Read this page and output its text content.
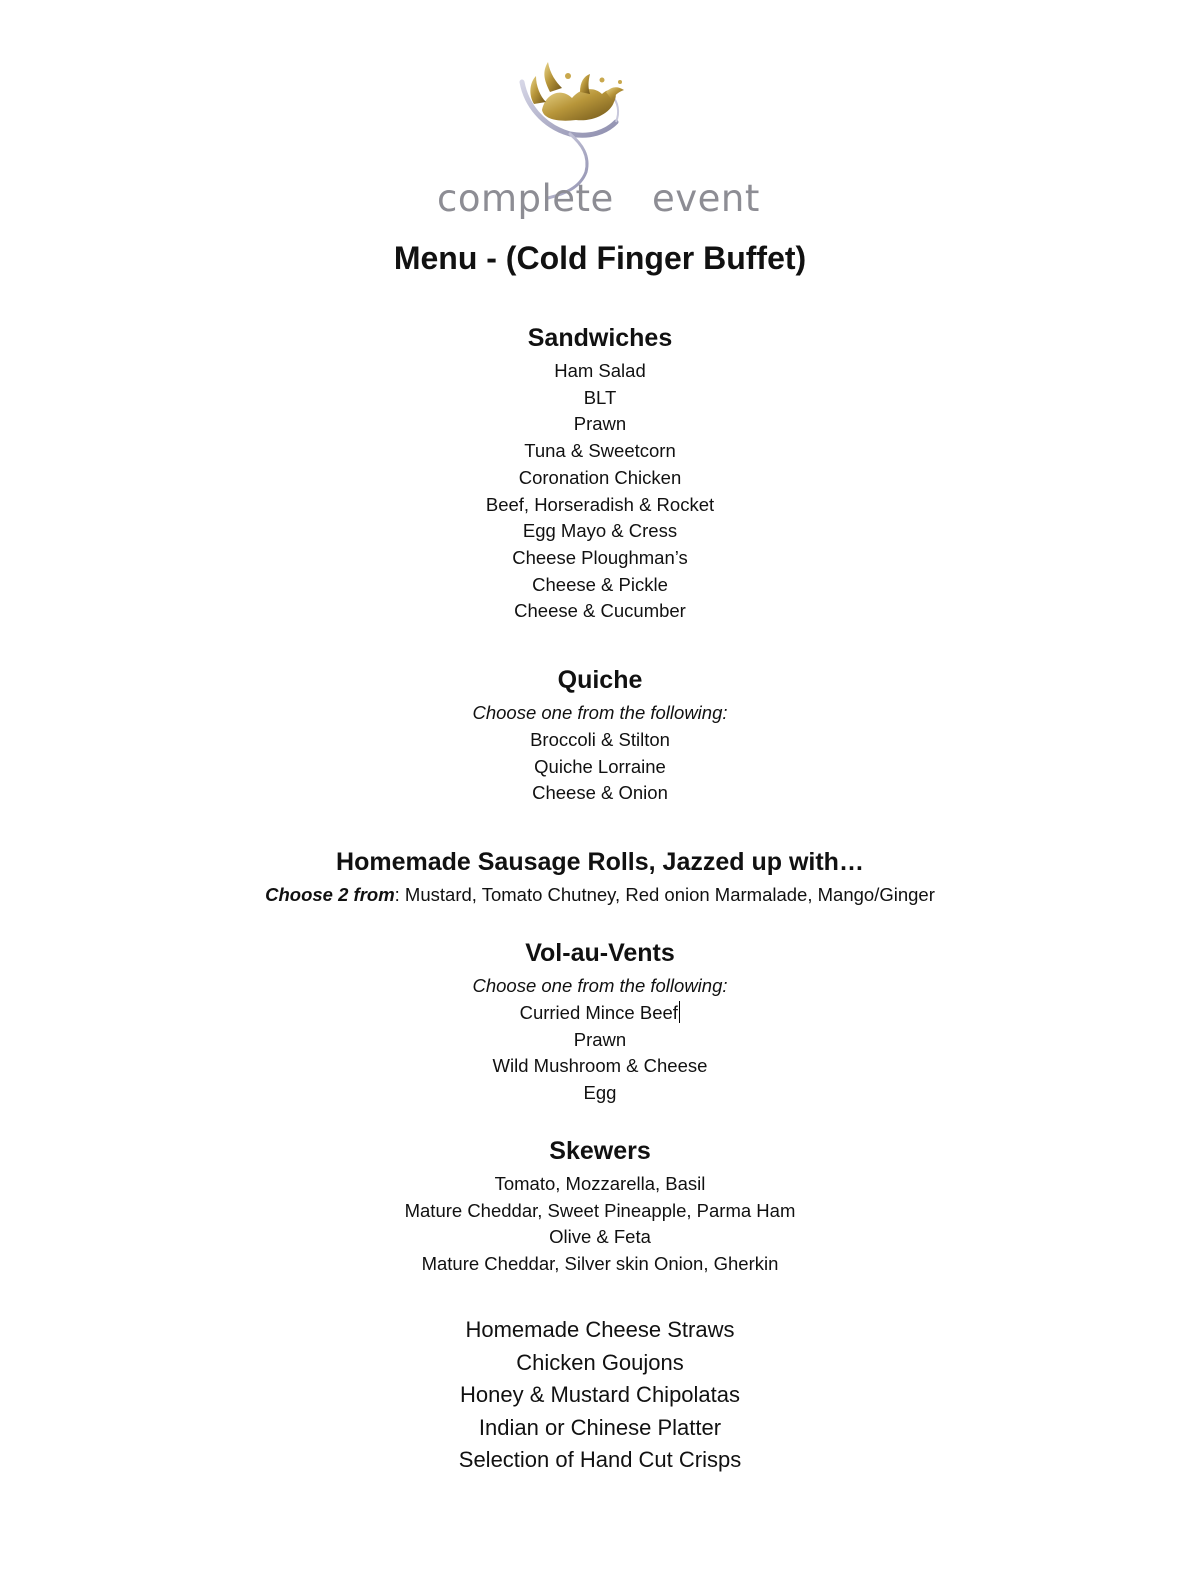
complete event
Menu - (Cold Finger Buffet)
Sandwiches
Ham Salad
BLT
Prawn
Tuna & Sweetcorn
Coronation Chicken
Beef, Horseradish & Rocket
Egg Mayo & Cress
Cheese Ploughman’s
Cheese & Pickle
Cheese & Cucumber
Quiche
Choose one from the following:
Broccoli & Stilton
Quiche Lorraine
Cheese & Onion
Homemade Sausage Rolls, Jazzed up with…
Choose 2 from: Mustard, Tomato Chutney, Red onion Marmalade, Mango/Ginger
Vol-au-Vents
Choose one from the following:
Curried Mince Beef
Prawn
Wild Mushroom & Cheese
Egg
Skewers
Tomato, Mozzarella, Basil
Mature Cheddar, Sweet Pineapple, Parma Ham
Olive & Feta
Mature Cheddar, Silver skin Onion, Gherkin
Homemade Cheese Straws
Chicken Goujons
Honey & Mustard Chipolatas
Indian or Chinese Platter
Selection of Hand Cut Crisps
